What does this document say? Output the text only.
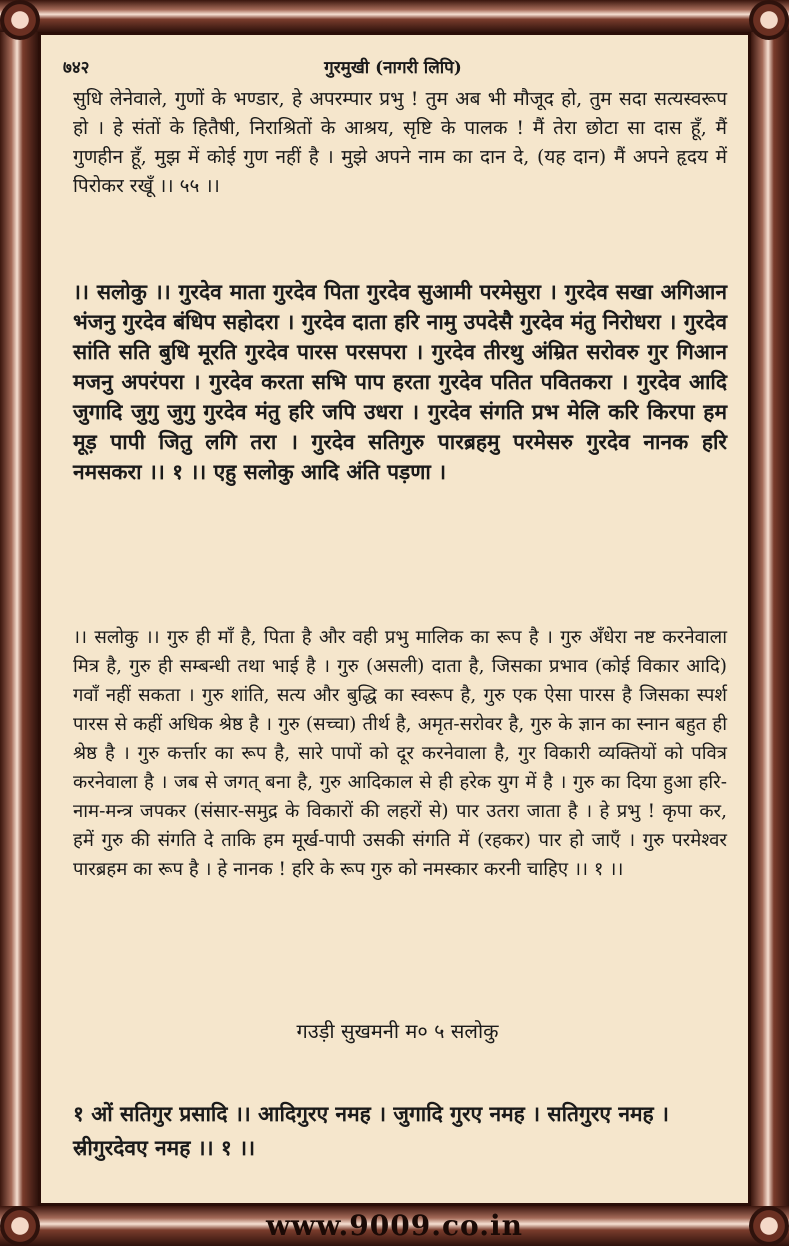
७४२	गुरमुखी (नागरी लिपि)
सुधि लेनेवाले, गुणों के भण्डार, हे अपरम्पार प्रभु ! तुम अब भी मौजूद हो, तुम सदा सत्यस्वरूप हो । हे संतों के हितैषी, निराश्रितों के आश्रय, सृष्टि के पालक ! मैं तेरा छोटा सा दास हूँ, मैं गुणहीन हूँ, मुझ में कोई गुण नहीं है । मुझे अपने नाम का दान दे, (यह दान) मैं अपने हृदय में पिरोकर रखूँ ।। ५५ ।।
।। सलोकु ।। गुरदेव माता गुरदेव पिता गुरदेव सुआमी परमेसुरा । गुरदेव सखा अगिआन भंजनु गुरदेव बंधिप सहोदरा । गुरदेव दाता हरि नामु उपदेसै गुरदेव मंतु निरोधरा । गुरदेव सांति सति बुधि मूरति गुरदेव पारस परसपरा । गुरदेव तीरथु अंम्रित सरोवरु गुर गिआन मजनु अपरंपरा । गुरदेव करता सभि पाप हरता गुरदेव पतित पवितकरा । गुरदेव आदि जुगादि जुगु जुगु गुरदेव मंतु हरि जपि उधरा । गुरदेव संगति प्रभ मेलि करि किरपा हम मूड़ पापी जितु लगि तरा । गुरदेव सतिगुरु पारब्रहमु परमेसरु गुरदेव नानक हरि नमसकरा ।। १ ।। एहु सलोकु आदि अंति पड़णा ।
।। सलोकु ।। गुरु ही माँ है, पिता है और वही प्रभु मालिक का रूप है । गुरु अँधेरा नष्ट करनेवाला मित्र है, गुरु ही सम्बन्धी तथा भाई है । गुरु (असली) दाता है, जिसका प्रभाव (कोई विकार आदि) गवाँ नहीं सकता । गुरु शांति, सत्य और बुद्धि का स्वरूप है, गुरु एक ऐसा पारस है जिसका स्पर्श पारस से कहीं अधिक श्रेष्ठ है । गुरु (सच्चा) तीर्थ है, अमृत-सरोवर है, गुरु के ज्ञान का स्नान बहुत ही श्रेष्ठ है । गुरु कर्त्तार का रूप है, सारे पापों को दूर करनेवाला है, गुर विकारी व्यक्तियों को पवित्र करनेवाला है । जब से जगत् बना है, गुरु आदिकाल से ही हरेक युग में है । गुरु का दिया हुआ हरि-नाम-मन्त्र जपकर (संसार-समुद्र के विकारों की लहरों से) पार उतरा जाता है । हे प्रभु ! कृपा कर, हमें गुरु की संगति दे ताकि हम मूर्ख-पापी उसकी संगति में (रहकर) पार हो जाएँ । गुरु परमेश्वर पारब्रहम का रूप है । हे नानक ! हरि के रूप गुरु को नमस्कार करनी चाहिए ।। १ ।।
गउड़ी सुखमनी म० ५ सलोकु
१ ओं सतिगुर प्रसादि ।। आदिगुरए नमह । जुगादि गुरए नमह । सतिगुरए नमह । स्रीगुरदेवए नमह ।। १ ।।
www.9009.co.in
